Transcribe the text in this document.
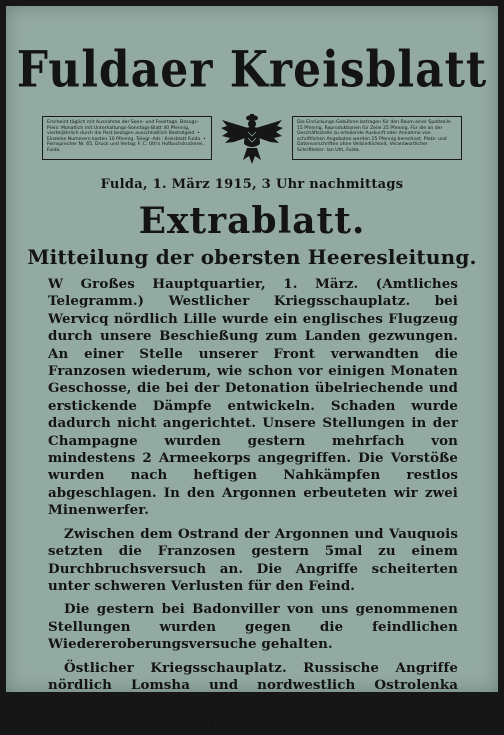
Fuldaer Kreisblatt
Erscheint täglich mit Ausnahme der Sonn- und Feiertage. Bezugs-Preis: Monatlich mit Unterhaltungs-Sonntags-Blatt 40 Pfennig, vierteljährlich durch die Post bezogen ausschließlich Bestellgeld. • Einzelne Nummern kosten 10 Pfennig. Telegr.-Adr.: Kreisblatt Fulda. • Fernsprecher Nr. 65. Druck und Verlag: F. C. Uth's Hofbuchdruckerei, Fulda.
Die Einrückungs-Gebühren betragen für den Raum einer Spaltzeile 15 Pfennig, Reproduktionen für Zeile 25 Pfennig. Für die an der Geschäftsstelle zu erteilende Auskunft oder Annahme von schriftlichen Angeboten werden 25 Pfennig berechnet. Platz- und Datenvorschriften ohne Verbindlichkeit. Verantwortlicher Schriftleiter: Ian Uth, Fulda.
Fulda, 1. März 1915, 3 Uhr nachmittags
Extrablatt.
Mitteilung der obersten Heeresleitung.

W Großes Hauptquartier, 1. März. (Amtliches Telegramm.) Westlicher Kriegsschauplatz. bei Wervicq nördlich Lille wurde ein englisches Flugzeug durch unsere Beschießung zum Landen gezwungen. An einer Stelle unserer Front verwandten die Franzosen wiederum, wie schon vor einigen Monaten Geschosse, die bei der Detonation übelriechende und erstickende Dämpfe entwickeln. Schaden wurde dadurch nicht angerichtet. Unsere Stellungen in der Champagne wurden gestern mehrfach von mindestens 2 Armeekorps angegriffen. Die Vorstöße wurden nach heftigen Nahkämpfen restlos abgeschlagen. In den Argonnen erbeuteten wir zwei Minenwerfer.

Zwischen dem Ostrand der Argonnen und Vauquois setzten die Franzosen gestern 5mal zu einem Durchbruchsversuch an. Die Angriffe scheiterten unter schweren Verlusten für den Feind.

Die gestern bei Badonviller von uns genommenen Stellungen wurden gegen die feindlichen Wiedereroberungsversuche gehalten.

Östlicher Kriegsschauplatz. Russische Angriffe nördlich Lomsha und nordwestlich Ostrolenka wurden abgewiesen.

Sonst nichts wesentliches.
